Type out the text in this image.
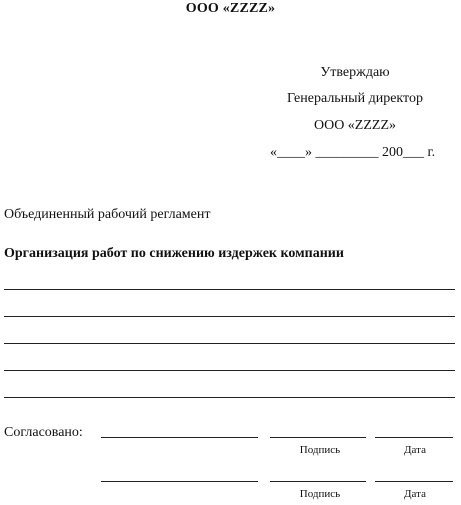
ООО «ZZZZ»
Утверждаю
Генеральный директор
ООО «ZZZZ»
«____» _________ 200___ г.
Объединенный рабочий регламент
Организация работ по снижению издержек компании
Согласовано:
Подпись	Дата
Подпись	Дата
